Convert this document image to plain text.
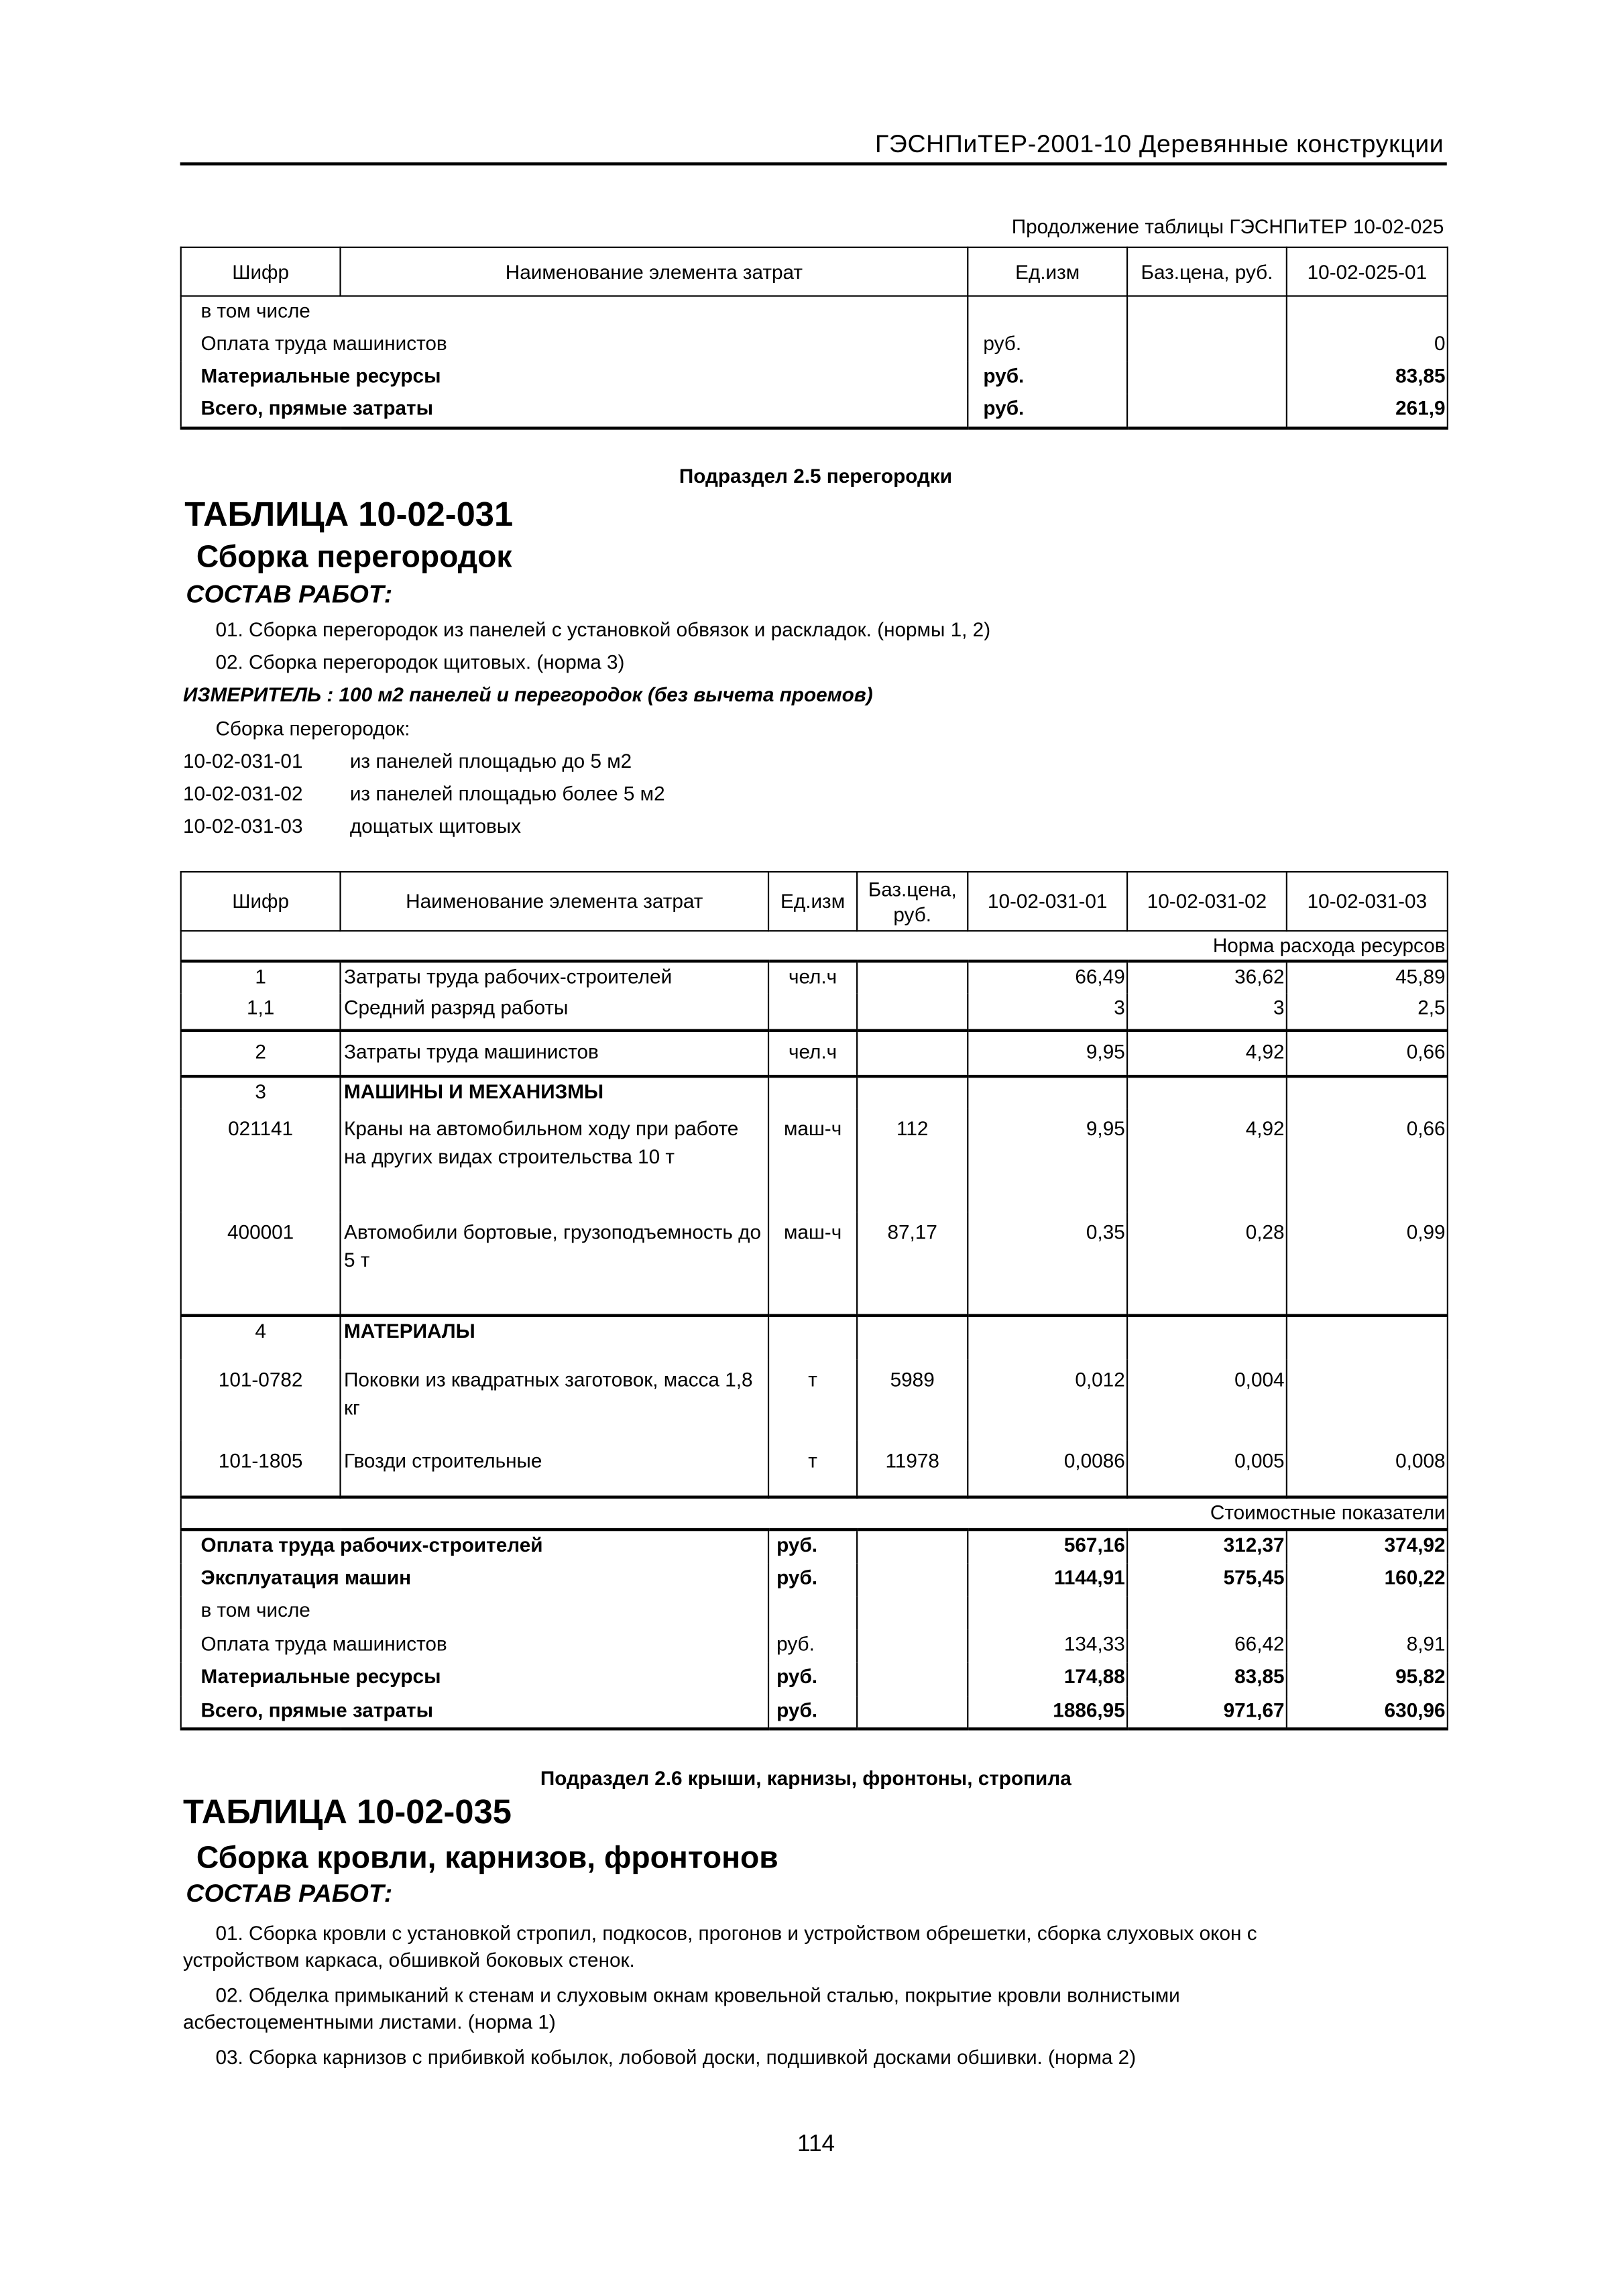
ГЭСНПиТЕР-2001-10 Деревянные конструкции
Продолжение таблицы ГЭСНПиТЕР 10-02-025
Шифр	Наименование элемента затрат	Ед.изм	Баз.цена, руб.	10-02-025-01
в том числе				
Оплата труда машинистов		руб.		0
Материальные ресурсы		руб.		83,85
Всего, прямые затраты		руб.		261,9
Подраздел 2.5 перегородки
ТАБЛИЦА 10-02-031
Сборка перегородок
СОСТАВ РАБОТ:
01. Сборка перегородок из панелей с установкой обвязок и раскладок. (нормы 1, 2)
02. Сборка перегородок щитовых. (норма 3)
ИЗМЕРИТЕЛЬ : 100 м2 панелей и перегородок (без вычета проемов)
Сборка перегородок:
10-02-031-01	из панелей площадью до 5 м2
10-02-031-02	из панелей площадью более 5 м2
10-02-031-03	дощатых щитовых
Шифр	Наименование элемента затрат	Ед.изм	Баз.цена, руб.	10-02-031-01	10-02-031-02	10-02-031-03
Норма расхода ресурсов						
1	Затраты труда рабочих-строителей	чел.ч		66,49	36,62	45,89
1,1	Средний разряд работы			3	3	2,5
2	Затраты труда машинистов	чел.ч		9,95	4,92	0,66
3	МАШИНЫ И МЕХАНИЗМЫ					
021141	Краны на автомобильном ходу при работе на других видах строительства 10 т	маш-ч	112	9,95	4,92	0,66
400001	Автомобили бортовые, грузоподъемность до 5 т	маш-ч	87,17	0,35	0,28	0,99
4	МАТЕРИАЛЫ					
101-0782	Поковки из квадратных заготовок, масса 1,8 кг	т	5989	0,012	0,004	
101-1805	Гвозди строительные	т	11978	0,0086	0,005	0,008
Стоимостные показатели						
Оплата труда рабочих-строителей		руб.		567,16	312,37	374,92
Эксплуатация машин		руб.		1144,91	575,45	160,22
в том числе						
Оплата труда машинистов		руб.		134,33	66,42	8,91
Материальные ресурсы		руб.		174,88	83,85	95,82
Всего, прямые затраты		руб.		1886,95	971,67	630,96
Подраздел 2.6 крыши, карнизы, фронтоны, стропила
ТАБЛИЦА 10-02-035
Сборка кровли, карнизов, фронтонов
СОСТАВ РАБОТ:
01. Сборка кровли с установкой стропил, подкосов, прогонов и устройством обрешетки, сборка слуховых окон с
устройством каркаса, обшивкой боковых стенок.
02. Обделка примыканий к стенам и слуховым окнам кровельной сталью, покрытие кровли волнистыми
асбестоцементными листами. (норма 1)
03. Сборка карнизов с прибивкой кобылок, лобовой доски, подшивкой досками обшивки. (норма 2)
114
